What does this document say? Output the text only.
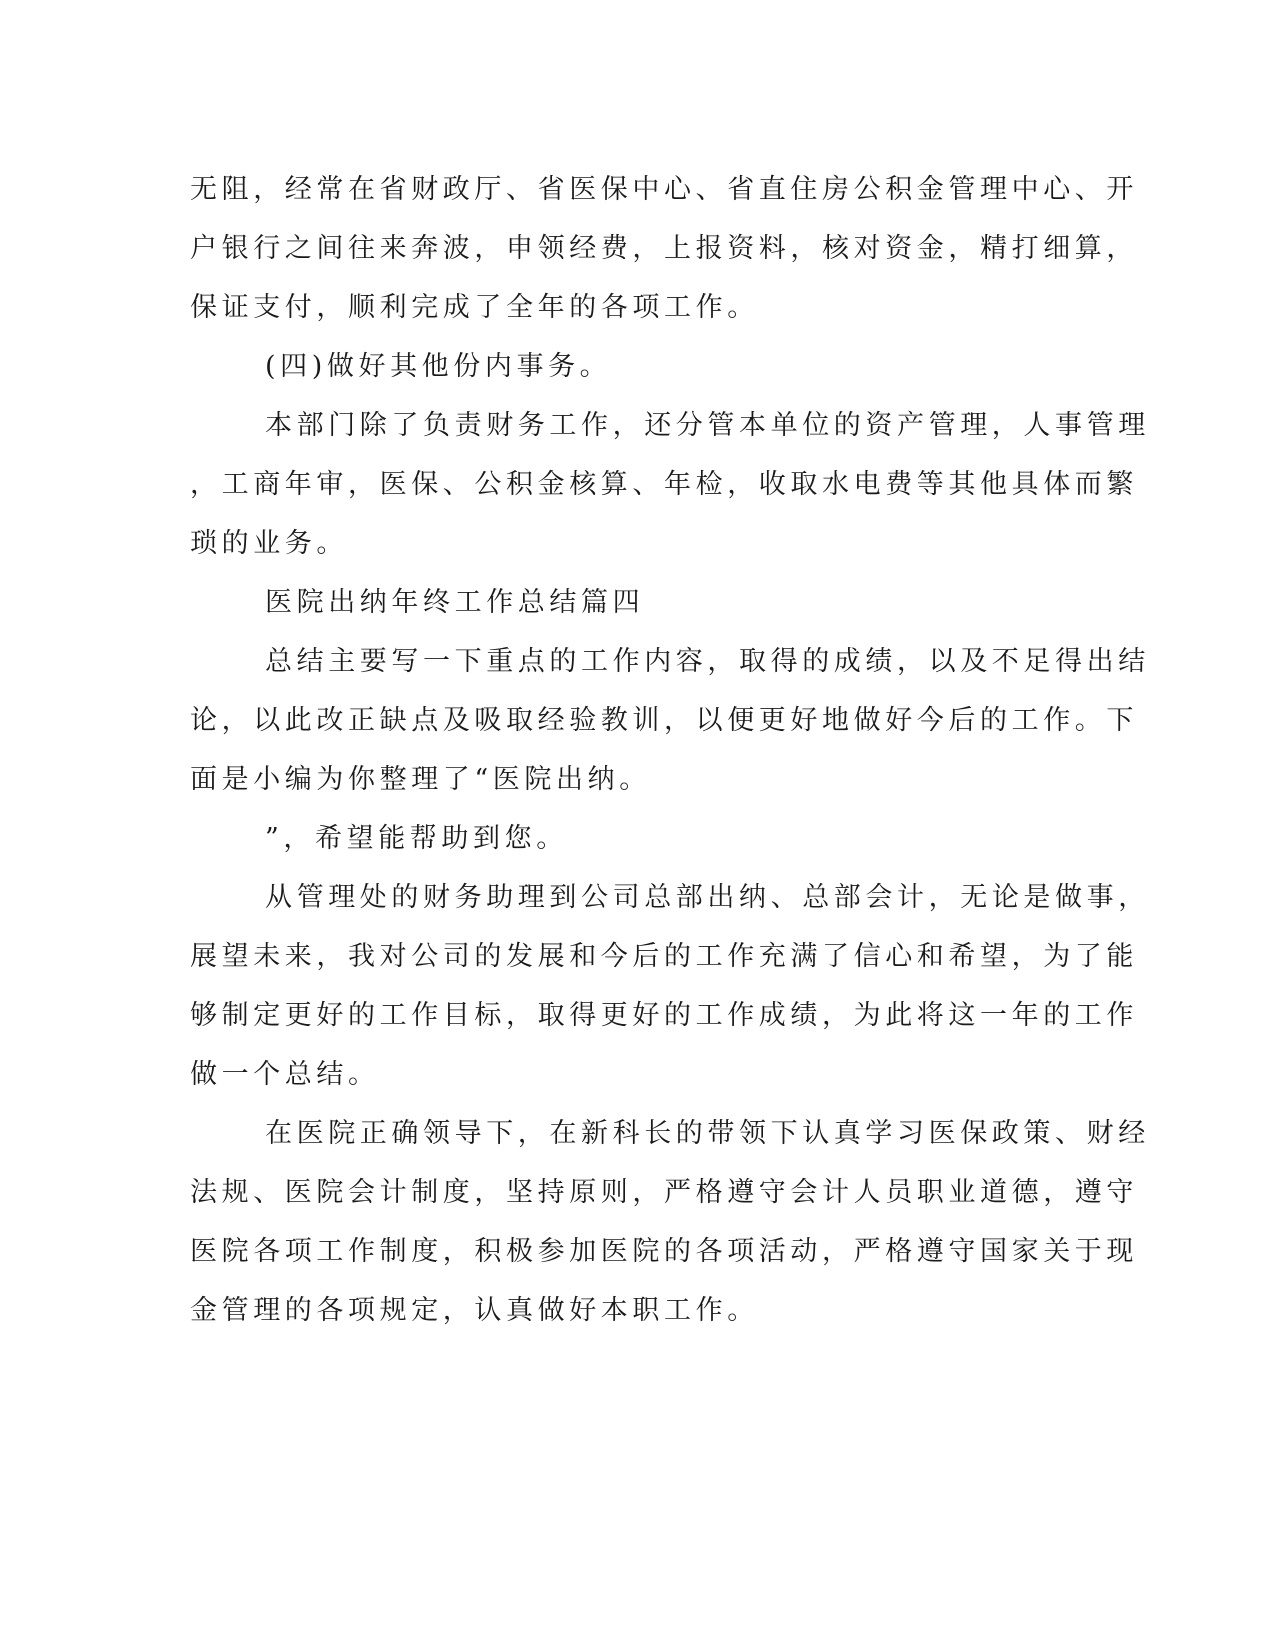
无阻，经常在省财政厅、省医保中心、省直住房公积金管理中心、开

户银行之间往来奔波，申领经费，上报资料，核对资金，精打细算，

保证支付，顺利完成了全年的各项工作。

(四)做好其他份内事务。

本部门除了负责财务工作，还分管本单位的资产管理，人事管理

，工商年审，医保、公积金核算、年检，收取水电费等其他具体而繁

琐的业务。

医院出纳年终工作总结篇四

总结主要写一下重点的工作内容，取得的成绩，以及不足得出结

论，以此改正缺点及吸取经验教训，以便更好地做好今后的工作。下

面是小编为你整理了“医院出纳。

”，希望能帮助到您。

从管理处的财务助理到公司总部出纳、总部会计，无论是做事，

展望未来，我对公司的发展和今后的工作充满了信心和希望，为了能

够制定更好的工作目标，取得更好的工作成绩，为此将这一年的工作

做一个总结。

在医院正确领导下，在新科长的带领下认真学习医保政策、财经

法规、医院会计制度，坚持原则，严格遵守会计人员职业道德，遵守

医院各项工作制度，积极参加医院的各项活动，严格遵守国家关于现

金管理的各项规定，认真做好本职工作。
